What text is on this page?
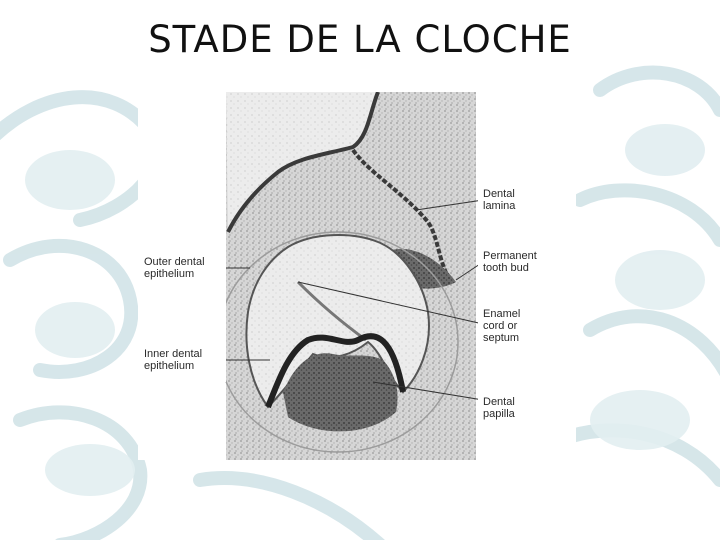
STADE DE LA CLOCHE
Dental
lamina
Permanent
tooth bud
Enamel
cord or
septum
Dental
papilla
Outer dental
epithelium
Inner dental
epithelium
